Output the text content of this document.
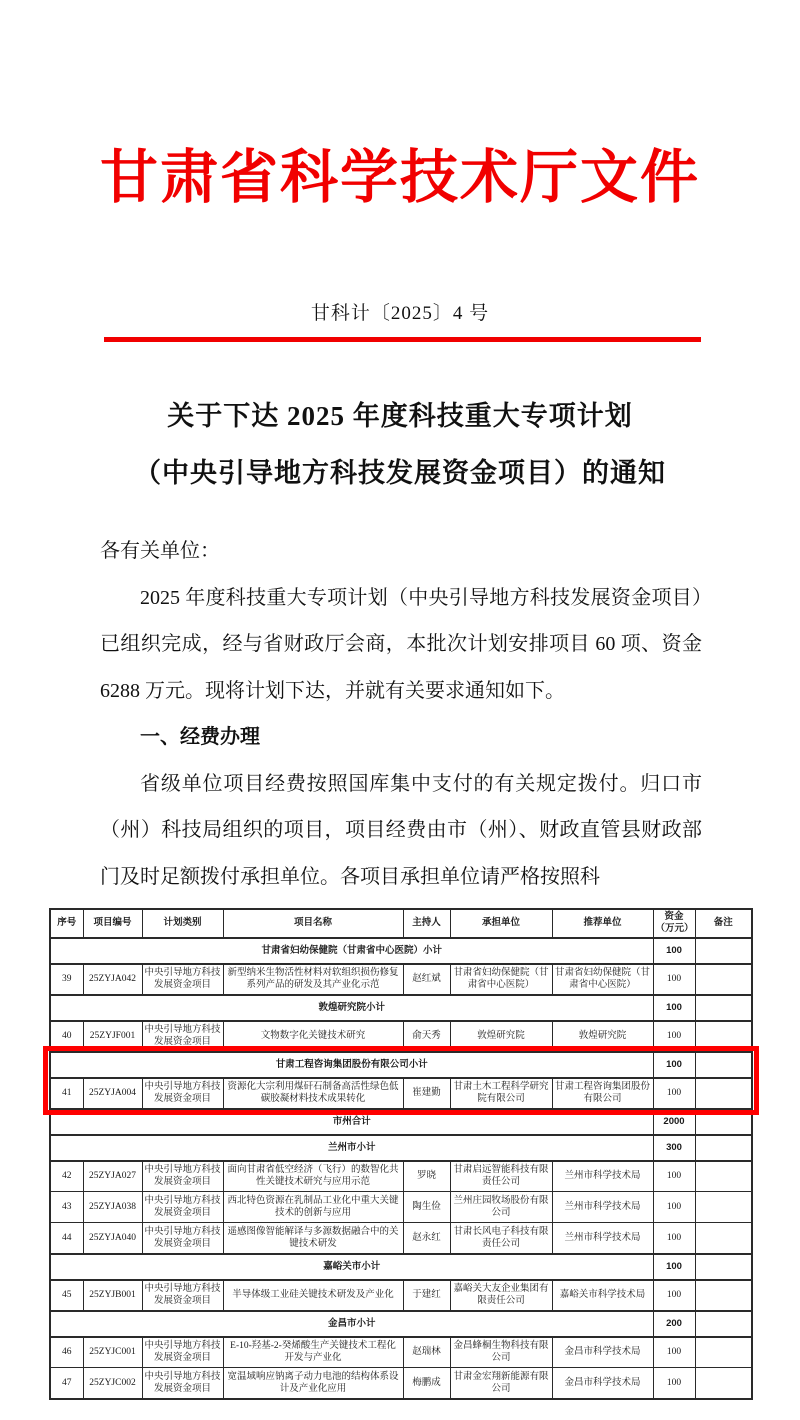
甘肃省科学技术厅文件
甘科计〔2025〕4 号
关于下达 2025 年度科技重大专项计划
（中央引导地方科技发展资金项目）的通知

各有关单位：

2025 年度科技重大专项计划（中央引导地方科技发展资金项目）已组织完成，经与省财政厅会商，本批次计划安排项目 60 项、资金 6288 万元。现将计划下达，并就有关要求通知如下。

一、经费办理

省级单位项目经费按照国库集中支付的有关规定拨付。归口市（州）科技局组织的项目，项目经费由市（州）、财政直管县财政部门及时足额拨付承担单位。各项目承担单位请严格按照科

序号	项目编号	计划类别	项目名称	主持人	承担单位	推荐单位	资金 （万元）	备注
甘肃省妇幼保健院（甘肃省中心医院）小计							100	
39	25ZYJA042	中央引导地方科技发展资金项目	新型纳米生物活性材料对软组织损伤修复系列产品的研发及其产业化示范	赵红斌	甘肃省妇幼保健院（甘肃省中心医院）	甘肃省妇幼保健院（甘肃省中心医院）	100	
敦煌研究院小计							100	
40	25ZYJF001	中央引导地方科技发展资金项目	文物数字化关键技术研究	俞天秀	敦煌研究院	敦煌研究院	100	
甘肃工程咨询集团股份有限公司小计							100	
41	25ZYJA004	中央引导地方科技发展资金项目	资源化大宗利用煤矸石制备高活性绿色低碳胶凝材料技术成果转化	崔建勤	甘肃土木工程科学研究院有限公司	甘肃工程咨询集团股份有限公司	100	
市州合计							2000	
兰州市小计							300	
42	25ZYJA027	中央引导地方科技发展资金项目	面向甘肃省低空经济（飞行）的数智化共性关键技术研究与应用示范	罗晓	甘肃启远智能科技有限责任公司	兰州市科学技术局	100	
43	25ZYJA038	中央引导地方科技发展资金项目	西北特色资源在乳制品工业化中重大关键技术的创新与应用	陶生俭	兰州庄园牧场股份有限公司	兰州市科学技术局	100	
44	25ZYJA040	中央引导地方科技发展资金项目	遥感图像智能解译与多源数据融合中的关键技术研发	赵永红	甘肃长风电子科技有限责任公司	兰州市科学技术局	100	
嘉峪关市小计							100	
45	25ZYJB001	中央引导地方科技发展资金项目	半导体级工业硅关键技术研发及产业化	于建红	嘉峪关大友企业集团有限责任公司	嘉峪关市科学技术局	100	
金昌市小计							200	
46	25ZYJC001	中央引导地方科技发展资金项目	E-10-羟基-2-癸烯酸生产关键技术工程化开发与产业化	赵瑞林	金昌蜂桐生物科技有限公司	金昌市科学技术局	100	
47	25ZYJC002	中央引导地方科技发展资金项目	宽温域响应钠离子动力电池的结构体系设计及产业化应用	梅鹏成	甘肃金宏翔新能源有限公司	金昌市科学技术局	100	
